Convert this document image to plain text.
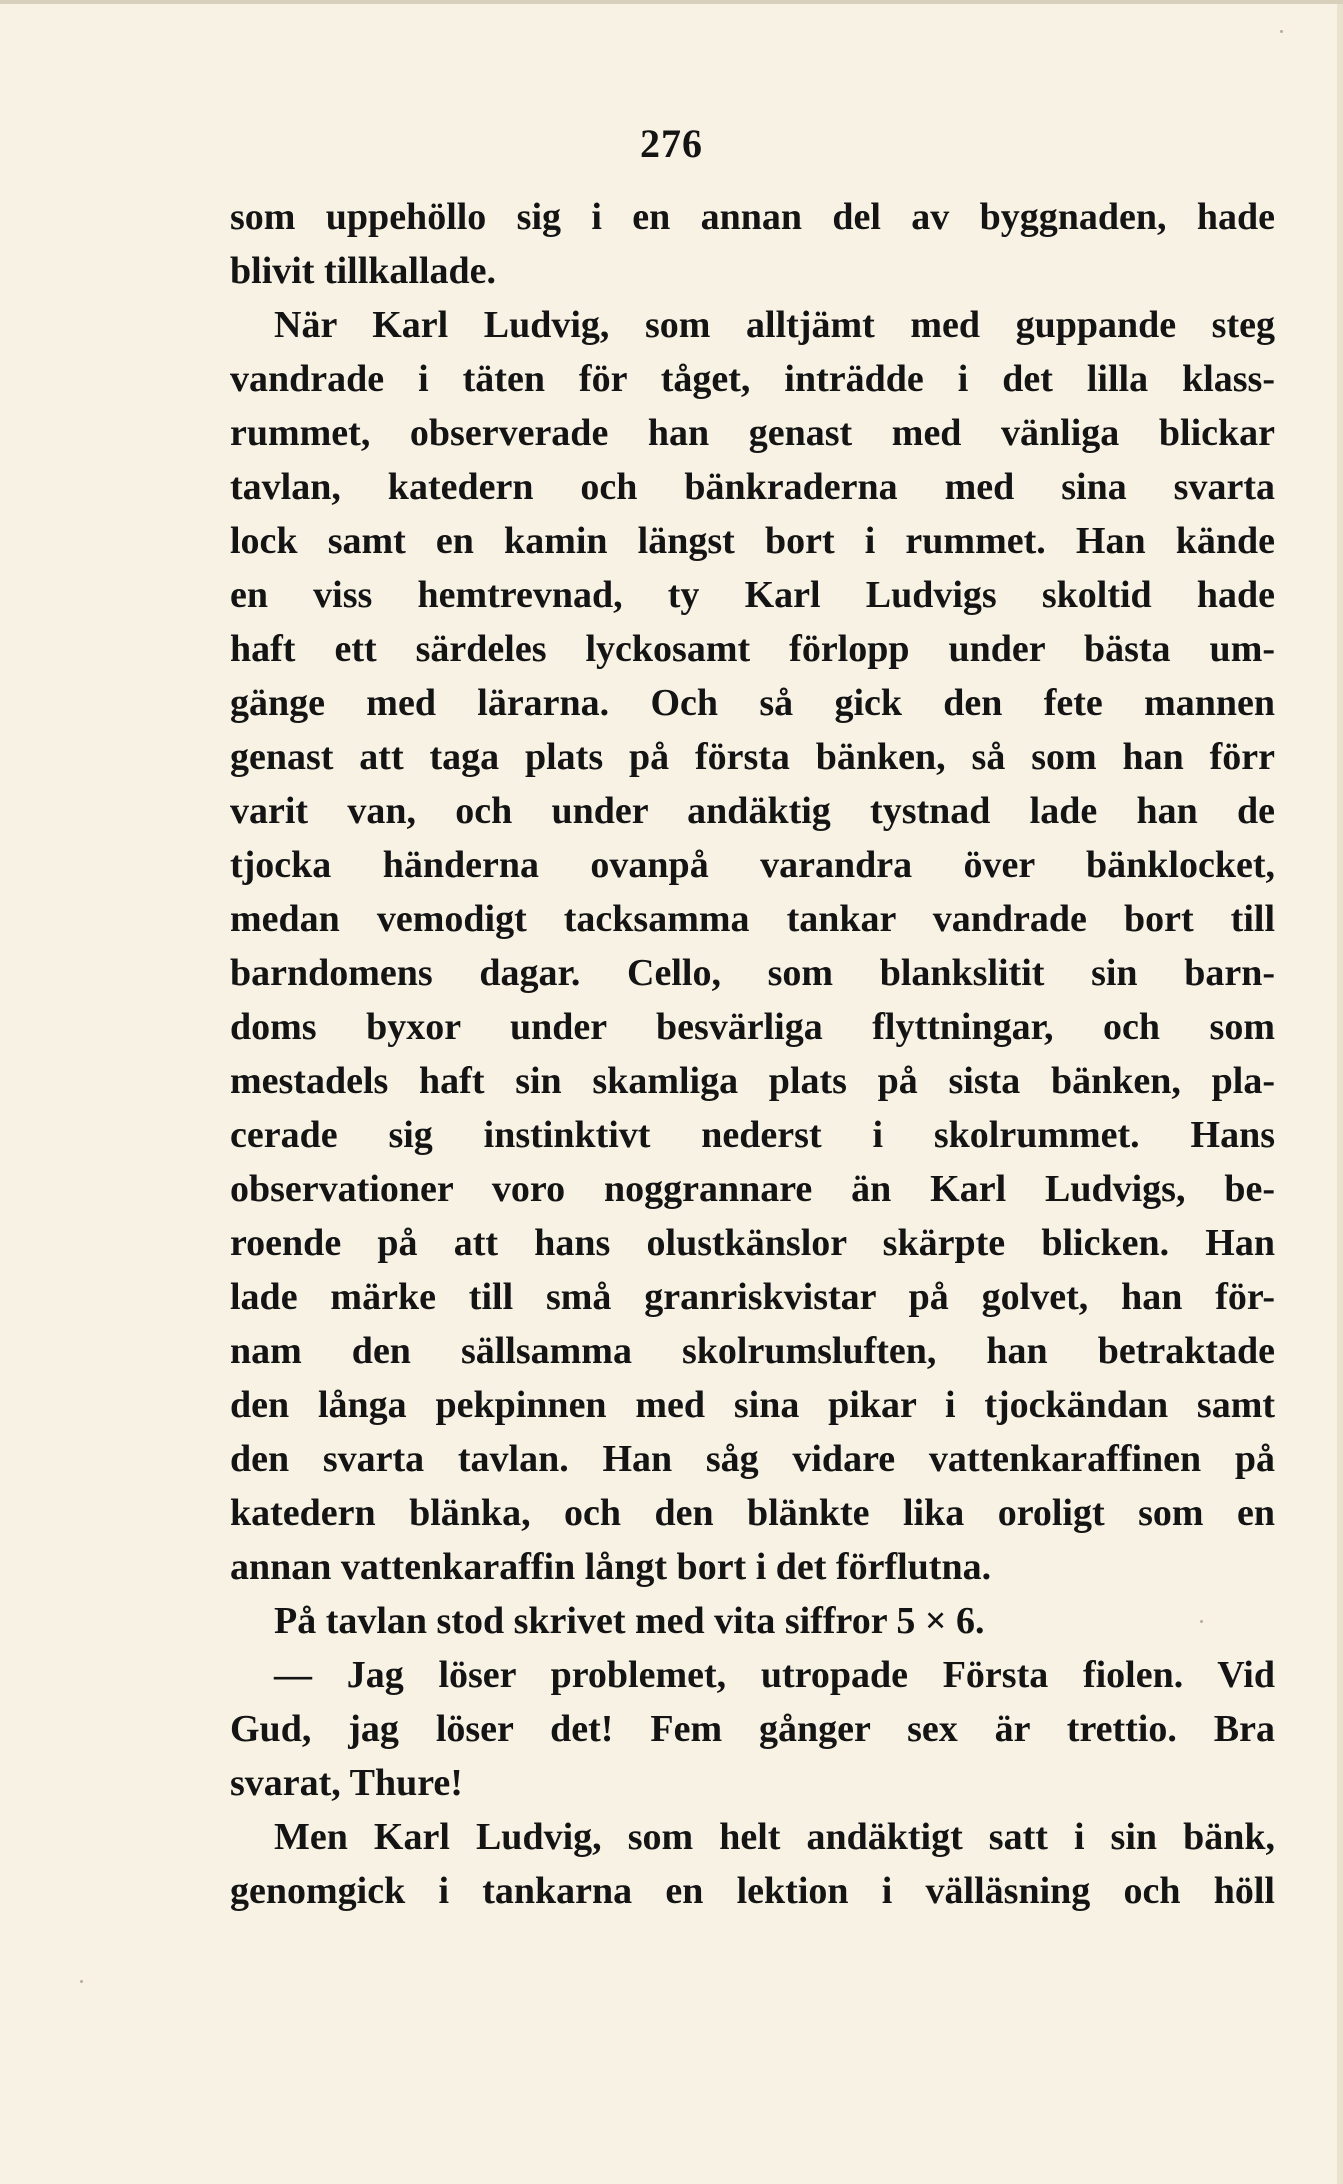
276
som uppehöllo sig i en annan del av byggnaden, hade
blivit tillkallade.
När Karl Ludvig, som alltjämt med guppande steg
vandrade i täten för tåget, inträdde i det lilla klass-
rummet, observerade han genast med vänliga blickar
tavlan, katedern och bänkraderna med sina svarta
lock samt en kamin längst bort i rummet. Han kände
en viss hemtrevnad, ty Karl Ludvigs skoltid hade
haft ett särdeles lyckosamt förlopp under bästa um-
gänge med lärarna. Och så gick den fete mannen
genast att taga plats på första bänken, så som han förr
varit van, och under andäktig tystnad lade han de
tjocka händerna ovanpå varandra över bänklocket,
medan vemodigt tacksamma tankar vandrade bort till
barndomens dagar. Cello, som blankslitit sin barn-
doms byxor under besvärliga flyttningar, och som
mestadels haft sin skamliga plats på sista bänken, pla-
cerade sig instinktivt nederst i skolrummet. Hans
observationer voro noggrannare än Karl Ludvigs, be-
roende på att hans olustkänslor skärpte blicken. Han
lade märke till små granriskvistar på golvet, han för-
nam den sällsamma skolrumsluften, han betraktade
den långa pekpinnen med sina pikar i tjockändan samt
den svarta tavlan. Han såg vidare vattenkaraffinen på
katedern blänka, och den blänkte lika oroligt som en
annan vattenkaraffin långt bort i det förflutna.
På tavlan stod skrivet med vita siffror 5 × 6.
— Jag löser problemet, utropade Första fiolen. Vid
Gud, jag löser det! Fem gånger sex är trettio. Bra
svarat, Thure!
Men Karl Ludvig, som helt andäktigt satt i sin bänk,
genomgick i tankarna en lektion i välläsning och höll
